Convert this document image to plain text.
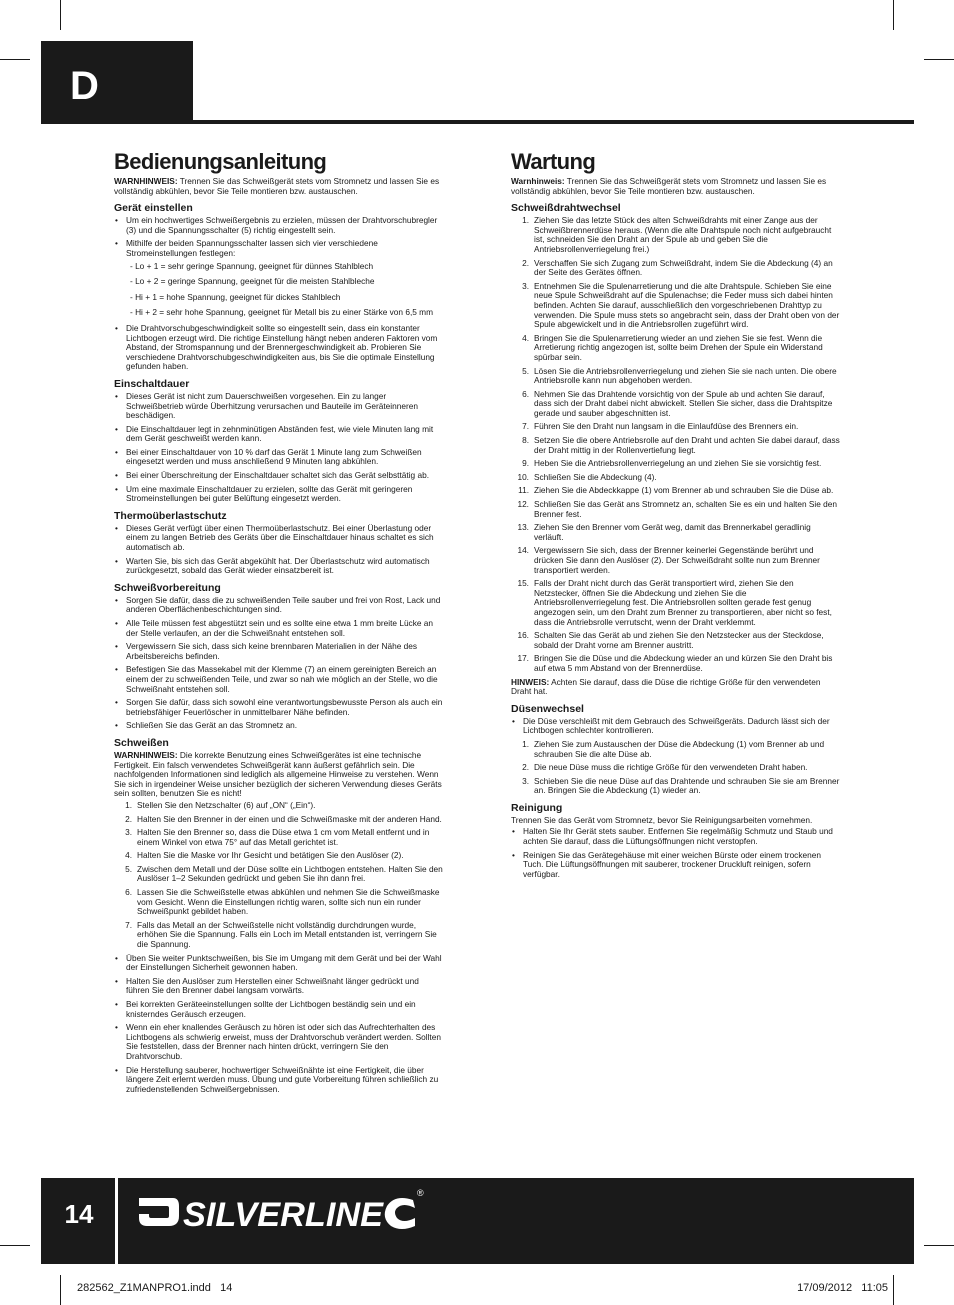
D
Bedienungsanleitung

WARNHINWEIS: Trennen Sie das Schweißgerät stets vom Stromnetz und lassen Sie es vollständig abkühlen, bevor Sie Teile montieren bzw. austauschen.

Gerät einstellen
• Um ein hochwertiges Schweißergebnis zu erzielen, müssen der Drahtvorschubregler (3) und die Spannungsschalter (5) richtig eingestellt sein.
• Mithilfe der beiden Spannungsschalter lassen sich vier verschiedene Stromeinstellungen festlegen:
- Lo + 1 = sehr geringe Spannung, geeignet für dünnes Stahlblech
- Lo + 2 = geringe Spannung, geeignet für die meisten Stahlbleche
- Hi + 1 = hohe Spannung, geeignet für dickes Stahlblech
- Hi + 2 = sehr hohe Spannung, geeignet für Metall bis zu einer Stärke von 6,5 mm
• Die Drahtvorschubgeschwindigkeit sollte so eingestellt sein, dass ein konstanter Lichtbogen erzeugt wird. Die richtige Einstellung hängt neben anderen Faktoren vom Abstand, der Stromspannung und der Brennergeschwindigkeit ab. Probieren Sie verschiedene Drahtvorschubgeschwindigkeiten aus, bis Sie die optimale Einstellung gefunden haben.
Einschaltdauer
• Dieses Gerät ist nicht zum Dauerschweißen vorgesehen. Ein zu langer Schweißbetrieb würde Überhitzung verursachen und Bauteile im Geräteinneren beschädigen.
• Die Einschaltdauer legt in zehnminütigen Abständen fest, wie viele Minuten lang mit dem Gerät geschweißt werden kann.
• Bei einer Einschaltdauer von 10 % darf das Gerät 1 Minute lang zum Schweißen eingesetzt werden und muss anschließend 9 Minuten lang abkühlen.
• Bei einer Überschreitung der Einschaltdauer schaltet sich das Gerät selbsttätig ab.
• Um eine maximale Einschaltdauer zu erzielen, sollte das Gerät mit geringeren Stromeinstellungen bei guter Belüftung eingesetzt werden.
Thermoüberlastschutz
• Dieses Gerät verfügt über einen Thermoüberlastschutz. Bei einer Überlastung oder einem zu langen Betrieb des Geräts über die Einschaltdauer hinaus schaltet es sich automatisch ab.
• Warten Sie, bis sich das Gerät abgekühlt hat. Der Überlastschutz wird automatisch zurückgesetzt, sobald das Gerät wieder einsatzbereit ist.
Schweißvorbereitung
• Sorgen Sie dafür, dass die zu schweißenden Teile sauber und frei von Rost, Lack und anderen Oberflächenbeschichtungen sind.
• Alle Teile müssen fest abgestützt sein und es sollte eine etwa 1 mm breite Lücke an der Stelle verlaufen, an der die Schweißnaht entstehen soll.
• Vergewissern Sie sich, dass sich keine brennbaren Materialien in der Nähe des Arbeitsbereichs befinden.
• Befestigen Sie das Massekabel mit der Klemme (7) an einem gereinigten Bereich an einem der zu schweißenden Teile, und zwar so nah wie möglich an der Stelle, wo die Schweißnaht entstehen soll.
• Sorgen Sie dafür, dass sich sowohl eine verantwortungsbewusste Person als auch ein betriebsfähiger Feuerlöscher in unmittelbarer Nähe befinden.
• Schließen Sie das Gerät an das Stromnetz an.
Schweißen

WARNHINWEIS: Die korrekte Benutzung eines Schweißgerätes ist eine technische Fertigkeit. Ein falsch verwendetes Schweißgerät kann äußerst gefährlich sein. Die nachfolgenden Informationen sind lediglich als allgemeine Hinweise zu verstehen. Wenn Sie sich in irgendeiner Weise unsicher bezüglich der sicheren Verwendung dieses Geräts sein sollten, benutzen Sie es nicht!

1. Stellen Sie den Netzschalter (6) auf „ON“ („Ein“).
2. Halten Sie den Brenner in der einen und die Schweißmaske mit der anderen Hand.
3. Halten Sie den Brenner so, dass die Düse etwa 1 cm vom Metall entfernt und in einem Winkel von etwa 75° auf das Metall gerichtet ist.
4. Halten Sie die Maske vor Ihr Gesicht und betätigen Sie den Auslöser (2).
5. Zwischen dem Metall und der Düse sollte ein Lichtbogen entstehen. Halten Sie den Auslöser 1–2 Sekunden gedrückt und geben Sie ihn dann frei.
6. Lassen Sie die Schweißstelle etwas abkühlen und nehmen Sie die Schweißmaske vom Gesicht. Wenn die Einstellungen richtig waren, sollte sich nun ein runder Schweißpunkt gebildet haben.
7. Falls das Metall an der Schweißstelle nicht vollständig durchdrungen wurde, erhöhen Sie die Spannung. Falls ein Loch im Metall entstanden ist, verringern Sie die Spannung.
• Üben Sie weiter Punktschweißen, bis Sie im Umgang mit dem Gerät und bei der Wahl der Einstellungen Sicherheit gewonnen haben.
• Halten Sie den Auslöser zum Herstellen einer Schweißnaht länger gedrückt und führen Sie den Brenner dabei langsam vorwärts.
• Bei korrekten Geräteeinstellungen sollte der Lichtbogen beständig sein und ein knisterndes Geräusch erzeugen.
• Wenn ein eher knallendes Geräusch zu hören ist oder sich das Aufrechterhalten des Lichtbogens als schwierig erweist, muss der Drahtvorschub verändert werden. Sollten Sie feststellen, dass der Brenner nach hinten drückt, verringern Sie den Drahtvorschub.
• Die Herstellung sauberer, hochwertiger Schweißnähte ist eine Fertigkeit, die über längere Zeit erlernt werden muss. Übung und gute Vorbereitung führen schließlich zu zufriedenstellenden Schweißergebnissen.
Wartung

Warnhinweis: Trennen Sie das Schweißgerät stets vom Stromnetz und lassen Sie es vollständig abkühlen, bevor Sie Teile montieren bzw. austauschen.

Schweißdrahtwechsel
1. Ziehen Sie das letzte Stück des alten Schweißdrahts mit einer Zange aus der Schweißbrennerdüse heraus. (Wenn die alte Drahtspule noch nicht aufgebraucht ist, schneiden Sie den Draht an der Spule ab und geben Sie die Antriebsrollenverriegelung frei.)
2. Verschaffen Sie sich Zugang zum Schweißdraht, indem Sie die Abdeckung (4) an der Seite des Gerätes öffnen.
3. Entnehmen Sie die Spulenarretierung und die alte Drahtspule. Schieben Sie eine neue Spule Schweißdraht auf die Spulenachse; die Feder muss sich dabei hinten befinden. Achten Sie darauf, ausschließlich den vorgeschriebenen Drahttyp zu verwenden. Die Spule muss stets so angebracht sein, dass der Draht oben von der Spule abgewickelt und in die Antriebsrollen zugeführt wird.
4. Bringen Sie die Spulenarretierung wieder an und ziehen Sie sie fest. Wenn die Arretierung richtig angezogen ist, sollte beim Drehen der Spule ein Widerstand spürbar sein.
5. Lösen Sie die Antriebsrollenverriegelung und ziehen Sie sie nach unten. Die obere Antriebsrolle kann nun abgehoben werden.
6. Nehmen Sie das Drahtende vorsichtig von der Spule ab und achten Sie darauf, dass sich der Draht dabei nicht abwickelt. Stellen Sie sicher, dass die Drahtspitze gerade und sauber abgeschnitten ist.
7. Führen Sie den Draht nun langsam in die Einlaufdüse des Brenners ein.
8. Setzen Sie die obere Antriebsrolle auf den Draht und achten Sie dabei darauf, dass der Draht mittig in der Rollenvertiefung liegt.
9. Heben Sie die Antriebsrollenverriegelung an und ziehen Sie sie vorsichtig fest.
10. Schließen Sie die Abdeckung (4).
11. Ziehen Sie die Abdeckkappe (1) vom Brenner ab und schrauben Sie die Düse ab.
12. Schließen Sie das Gerät ans Stromnetz an, schalten Sie es ein und halten Sie den Brenner fest.
13. Ziehen Sie den Brenner vom Gerät weg, damit das Brennerkabel geradlinig verläuft.
14. Vergewissern Sie sich, dass der Brenner keinerlei Gegenstände berührt und drücken Sie dann den Auslöser (2). Der Schweißdraht sollte nun zum Brenner transportiert werden.
15. Falls der Draht nicht durch das Gerät transportiert wird, ziehen Sie den Netzstecker, öffnen Sie die Abdeckung und ziehen Sie die Antriebsrollenverriegelung fest. Die Antriebsrollen sollten gerade fest genug angezogen sein, um den Draht zum Brenner zu transportieren, aber nicht so fest, dass die Antriebsrolle verrutscht, wenn der Draht verklemmt.
16. Schalten Sie das Gerät ab und ziehen Sie den Netzstecker aus der Steckdose, sobald der Draht vorne am Brenner austritt.
17. Bringen Sie die Düse und die Abdeckung wieder an und kürzen Sie den Draht bis auf etwa 5 mm Abstand von der Brennerdüse.

HINWEIS: Achten Sie darauf, dass die Düse die richtige Größe für den verwendeten Draht hat.

Düsenwechsel
• Die Düse verschleißt mit dem Gebrauch des Schweißgeräts. Dadurch lässt sich der Lichtbogen schlechter kontrollieren.
1. Ziehen Sie zum Austauschen der Düse die Abdeckung (1) vom Brenner ab und schrauben Sie die alte Düse ab.
2. Die neue Düse muss die richtige Größe für den verwendeten Draht haben.
3. Schieben Sie die neue Düse auf das Drahtende und schrauben Sie sie am Brenner an. Bringen Sie die Abdeckung (1) wieder an.
Reinigung

Trennen Sie das Gerät vom Stromnetz, bevor Sie Reinigungsarbeiten vornehmen.

• Halten Sie Ihr Gerät stets sauber. Entfernen Sie regelmäßig Schmutz und Staub und achten Sie darauf, dass die Lüftungsöffnungen nicht verstopfen.
• Reinigen Sie das Gerätegehäuse mit einer weichen Bürste oder einem trockenen Tuch. Die Lüftungsöffnungen mit sauberer, trockener Druckluft reinigen, sofern verfügbar.
14	SILVERLINE
®
282562_Z1MANPRO1.indd   14	17/09/2012   11:05
